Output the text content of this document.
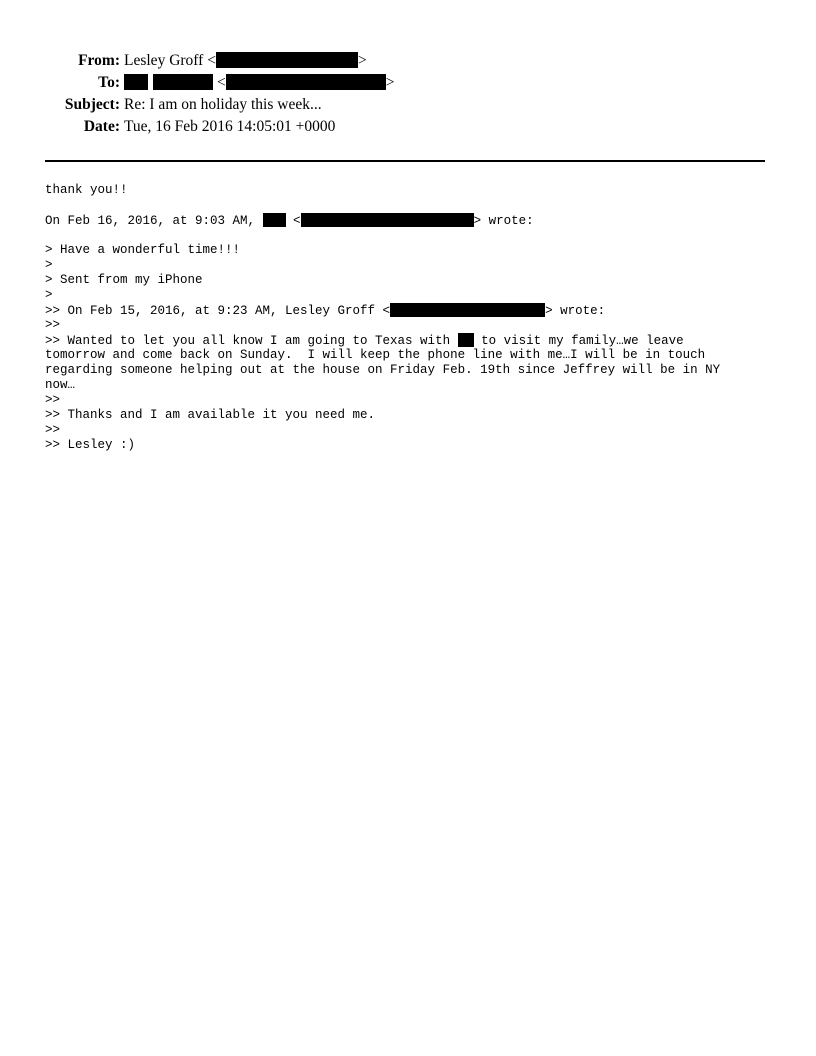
From: Lesley Groff <	>
To:	<	>
Subject: Re: I am on holiday this week...
Date: Tue, 16 Feb 2016 14:05:01 +0000
thank you!!
On Feb 16, 2016, at 9:03 AM,  <	> wrote:
> Have a wonderful time!!!
>
> Sent from my iPhone
>
>> On Feb 15, 2016, at 9:23 AM, Lesley Groff <	> wrote:
>>
>> Wanted to let you all know I am going to Texas with  to visit my family…we leave
tomorrow and come back on Sunday.  I will keep the phone line with me…I will be in touch
regarding someone helping out at the house on Friday Feb. 19th since Jeffrey will be in NY
now…
>>
>> Thanks and I am available it you need me.
>>
>> Lesley :)
